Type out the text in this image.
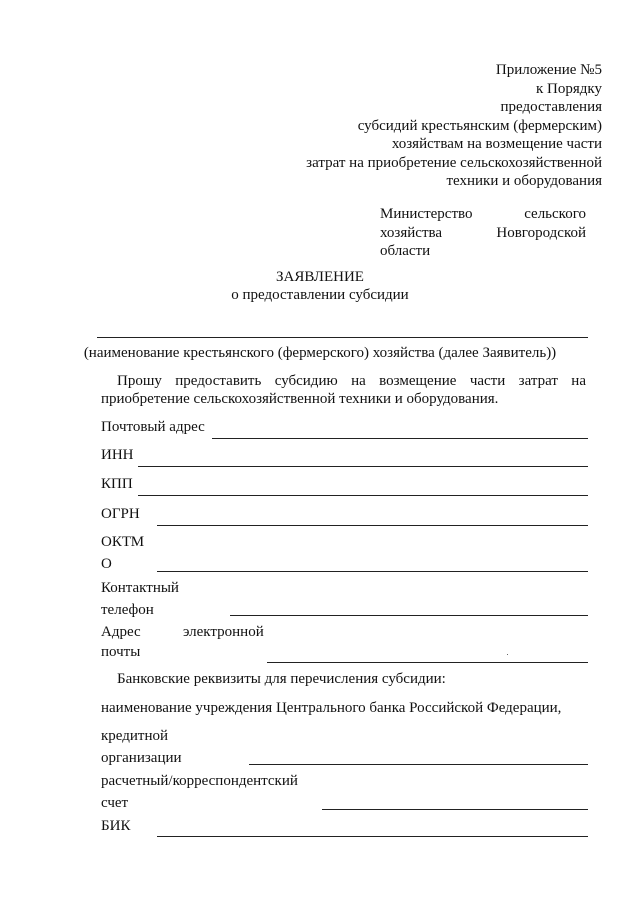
Приложение №5
к Порядку
предоставления
субсидий крестьянским (фермерским)
хозяйствам на возмещение части
затрат на приобретение сельскохозяйственной
техники и оборудования
Министерство	сельского
хозяйства	Новгородской
области
ЗАЯВЛЕНИЕ
о предоставлении субсидии
(наименование крестьянского (фермерского) хозяйства (далее Заявитель))
Прошу предоставить субсидию на возмещение части затрат на
приобретение сельскохозяйственной техники и оборудования.
Почтовый адрес
ИНН
КПП
ОГРН
ОКТМ
О
Контактный
телефон
Адрес	электронной
почты
Банковские реквизиты для перечисления субсидии:
наименование учреждения Центрального банка Российской Федерации,
кредитной
организации
расчетный/корреспондентский
счет
БИК
